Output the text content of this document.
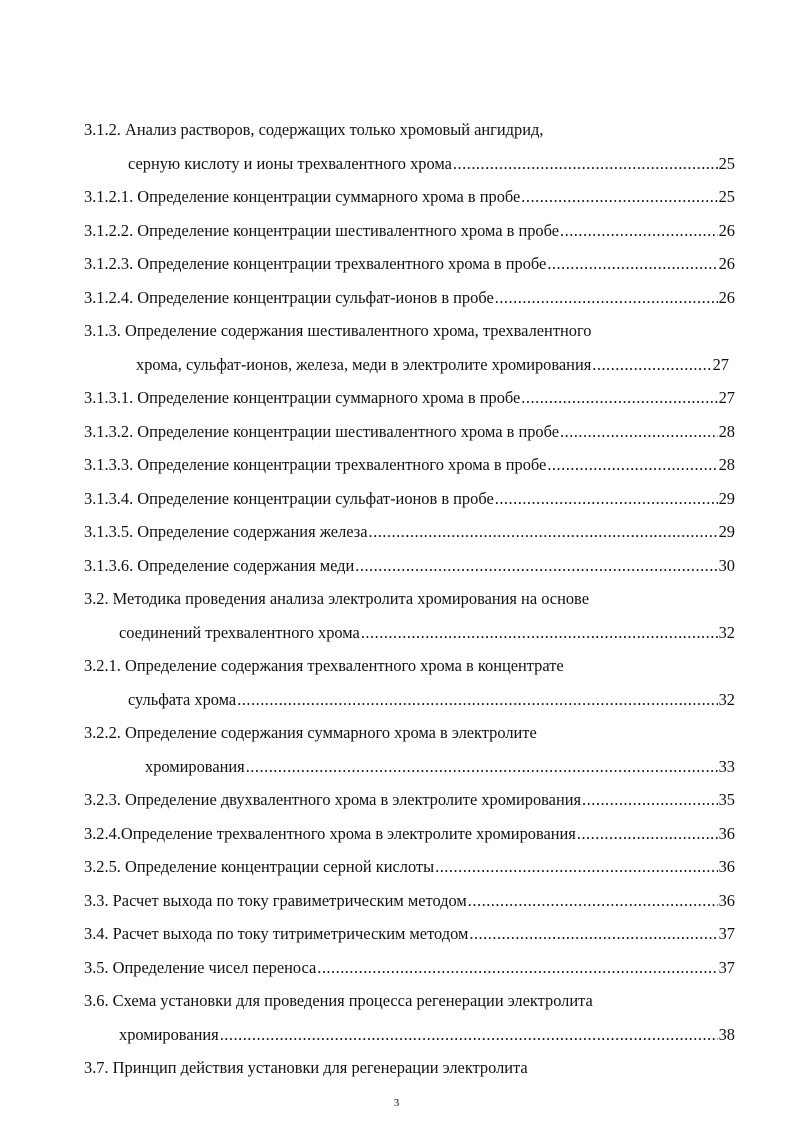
3.1.2. Анализ растворов, содержащих только хромовый ангидрид,
серную кислоту и ионы трехвалентного хрома .....	25
3.1.2.1. Определение концентрации суммарного хрома в пробе .....	25
3.1.2.2. Определение концентрации шестивалентного хрома в пробе .....	26
3.1.2.3. Определение концентрации трехвалентного хрома в пробе .....	26
3.1.2.4. Определение концентрации сульфат-ионов в пробе .....	26
3.1.3. Определение содержания шестивалентного хрома, трехвалентного
хрома, сульфат-ионов, железа, меди в электролите хромирования .....	27
3.1.3.1. Определение концентрации суммарного хрома в пробе .....	27
3.1.3.2. Определение концентрации шестивалентного хрома в пробе .....	28
3.1.3.3. Определение концентрации трехвалентного хрома в пробе .....	28
3.1.3.4. Определение концентрации сульфат-ионов в пробе .....	29
3.1.3.5. Определение содержания железа .....	29
3.1.3.6. Определение содержания меди .....	30
3.2. Методика проведения анализа электролита хромирования на основе
соединений трехвалентного хрома .....	32
3.2.1. Определение содержания трехвалентного хрома в концентрате
сульфата хрома .....	32
3.2.2. Определение содержания суммарного хрома в электролите
хромирования .....	33
3.2.3. Определение двухвалентного хрома в электролите хромирования .....	35
3.2.4.Определение трехвалентного хрома в электролите хромирования .....	36
3.2.5. Определение концентрации серной кислоты .....	36
3.3. Расчет выхода по току гравиметрическим методом .....	36
3.4. Расчет выхода по току титриметрическим методом .....	37
3.5. Определение чисел переноса .....	37
3.6. Схема установки для проведения процесса регенерации электролита
хромирования .....	38
3.7. Принцип действия установки для регенерации электролита
3
